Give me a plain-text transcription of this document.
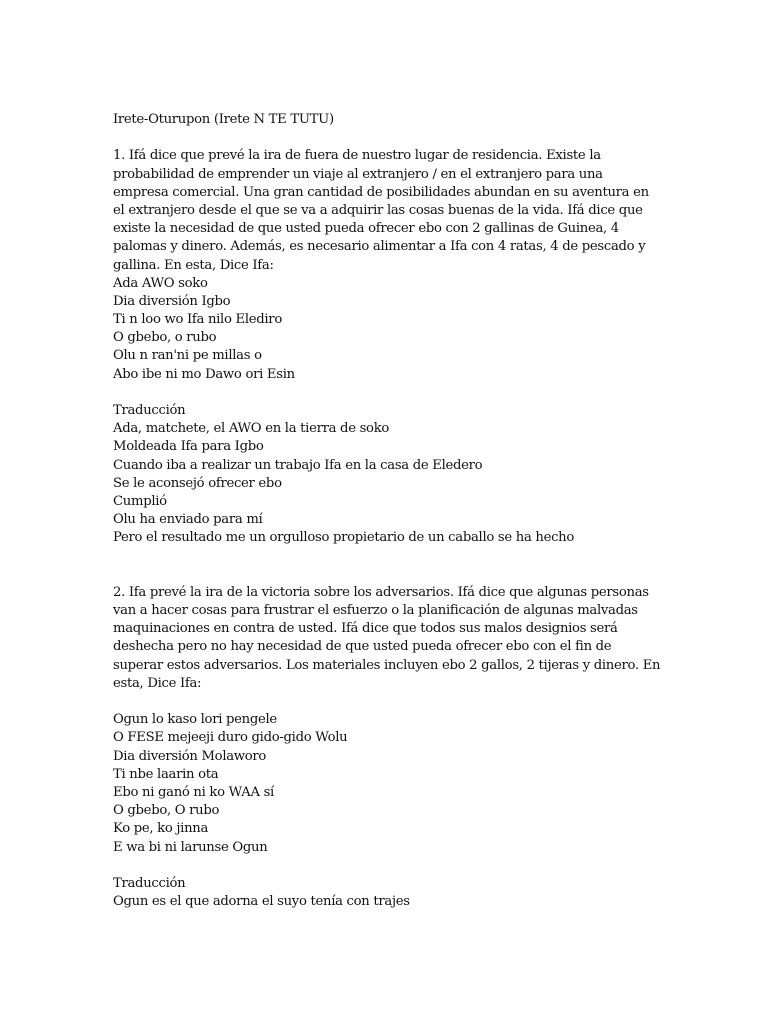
Irete-Oturupon (Irete N TE TUTU)
1. Ifá dice que prevé la ira de fuera de nuestro lugar de residencia. Existe la
probabilidad de emprender un viaje al extranjero / en el extranjero para una
empresa comercial. Una gran cantidad de posibilidades abundan en su aventura en
el extranjero desde el que se va a adquirir las cosas buenas de la vida. Ifá dice que
existe la necesidad de que usted pueda ofrecer ebo con 2 gallinas de Guinea, 4
palomas y dinero. Además, es necesario alimentar a Ifa con 4 ratas, 4 de pescado y
gallina. En esta, Dice Ifa:
Ada AWO soko
Dia diversión Igbo
Ti n loo wo Ifa nilo Elediro
O gbebo, o rubo
Olu n ran'ni pe millas o
Abo ibe ni mo Dawo ori Esin
Traducción
Ada, matchete, el AWO en la tierra de soko
Moldeada Ifa para Igbo
Cuando iba a realizar un trabajo Ifa en la casa de Eledero
Se le aconsejó ofrecer ebo
Cumplió
Olu ha enviado para mí
Pero el resultado me un orgulloso propietario de un caballo se ha hecho
2. Ifa prevé la ira de la victoria sobre los adversarios. Ifá dice que algunas personas
van a hacer cosas para frustrar el esfuerzo o la planificación de algunas malvadas
maquinaciones en contra de usted. Ifá dice que todos sus malos designios será
deshecha pero no hay necesidad de que usted pueda ofrecer ebo con el fin de
superar estos adversarios. Los materiales incluyen ebo 2 gallos, 2 tijeras y dinero. En
esta, Dice Ifa:
Ogun lo kaso lori pengele
O FESE mejeeji duro gido-gido Wolu
Dia diversión Molaworo
Ti nbe laarin ota
Ebo ni ganó ni ko WAA sí
O gbebo, O rubo
Ko pe, ko jinna
E wa bi ni larunse Ogun
Traducción
Ogun es el que adorna el suyo tenía con trajes
